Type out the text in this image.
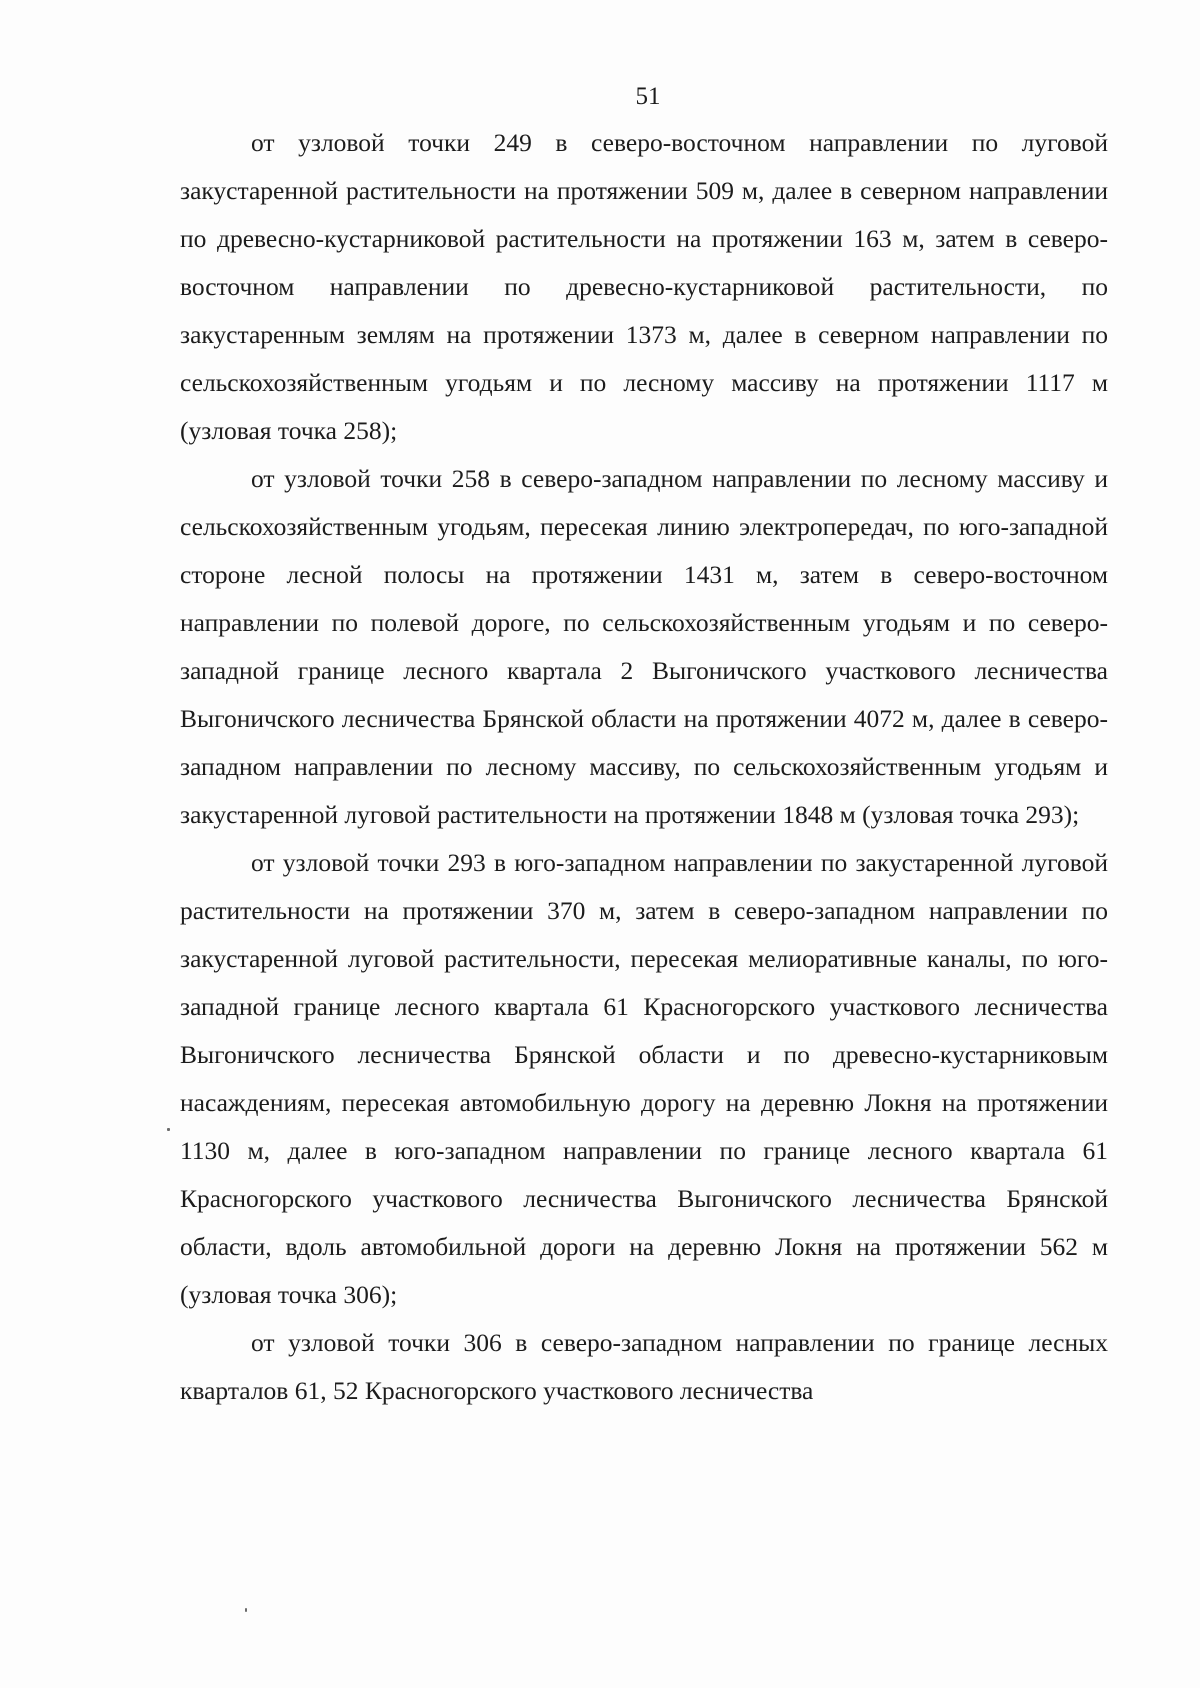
51

от узловой точки 249 в северо-восточном направлении по луговой закустаренной растительности на протяжении 509 м, далее в северном направлении по древесно-кустарниковой растительности на протяжении 163 м, затем в северо-восточном направлении по древесно-кустарниковой растительности, по закустаренным землям на протяжении 1373 м, далее в северном направлении по сельскохозяйственным угодьям и по лесному массиву на протяжении 1117 м (узловая точка 258);

от узловой точки 258 в северо-западном направлении по лесному массиву и сельскохозяйственным угодьям, пересекая линию электропередач, по юго-западной стороне лесной полосы на протяжении 1431 м, затем в северо-восточном направлении по полевой дороге, по сельскохозяйственным угодьям и по северо-западной границе лесного квартала 2 Выгоничского участкового лесничества Выгоничского лесничества Брянской области на протяжении 4072 м, далее в северо-западном направлении по лесному массиву, по сельскохозяйственным угодьям и закустаренной луговой растительности на протяжении 1848 м (узловая точка 293);

от узловой точки 293 в юго-западном направлении по закустаренной луговой растительности на протяжении 370 м, затем в северо-западном направлении по закустаренной луговой растительности, пересекая мелиоративные каналы, по юго-западной границе лесного квартала 61 Красногорского участкового лесничества Выгоничского лесничества Брянской области и по древесно-кустарниковым насаждениям, пересекая автомобильную дорогу на деревню Локня на протяжении 1130 м, далее в юго-западном направлении по границе лесного квартала 61 Красногорского участкового лесничества Выгоничского лесничества Брянской области, вдоль автомобильной дороги на деревню Локня на протяжении 562 м (узловая точка 306);

от узловой точки 306 в северо-западном направлении по границе лесных кварталов 61, 52 Красногорского участкового лесничества
